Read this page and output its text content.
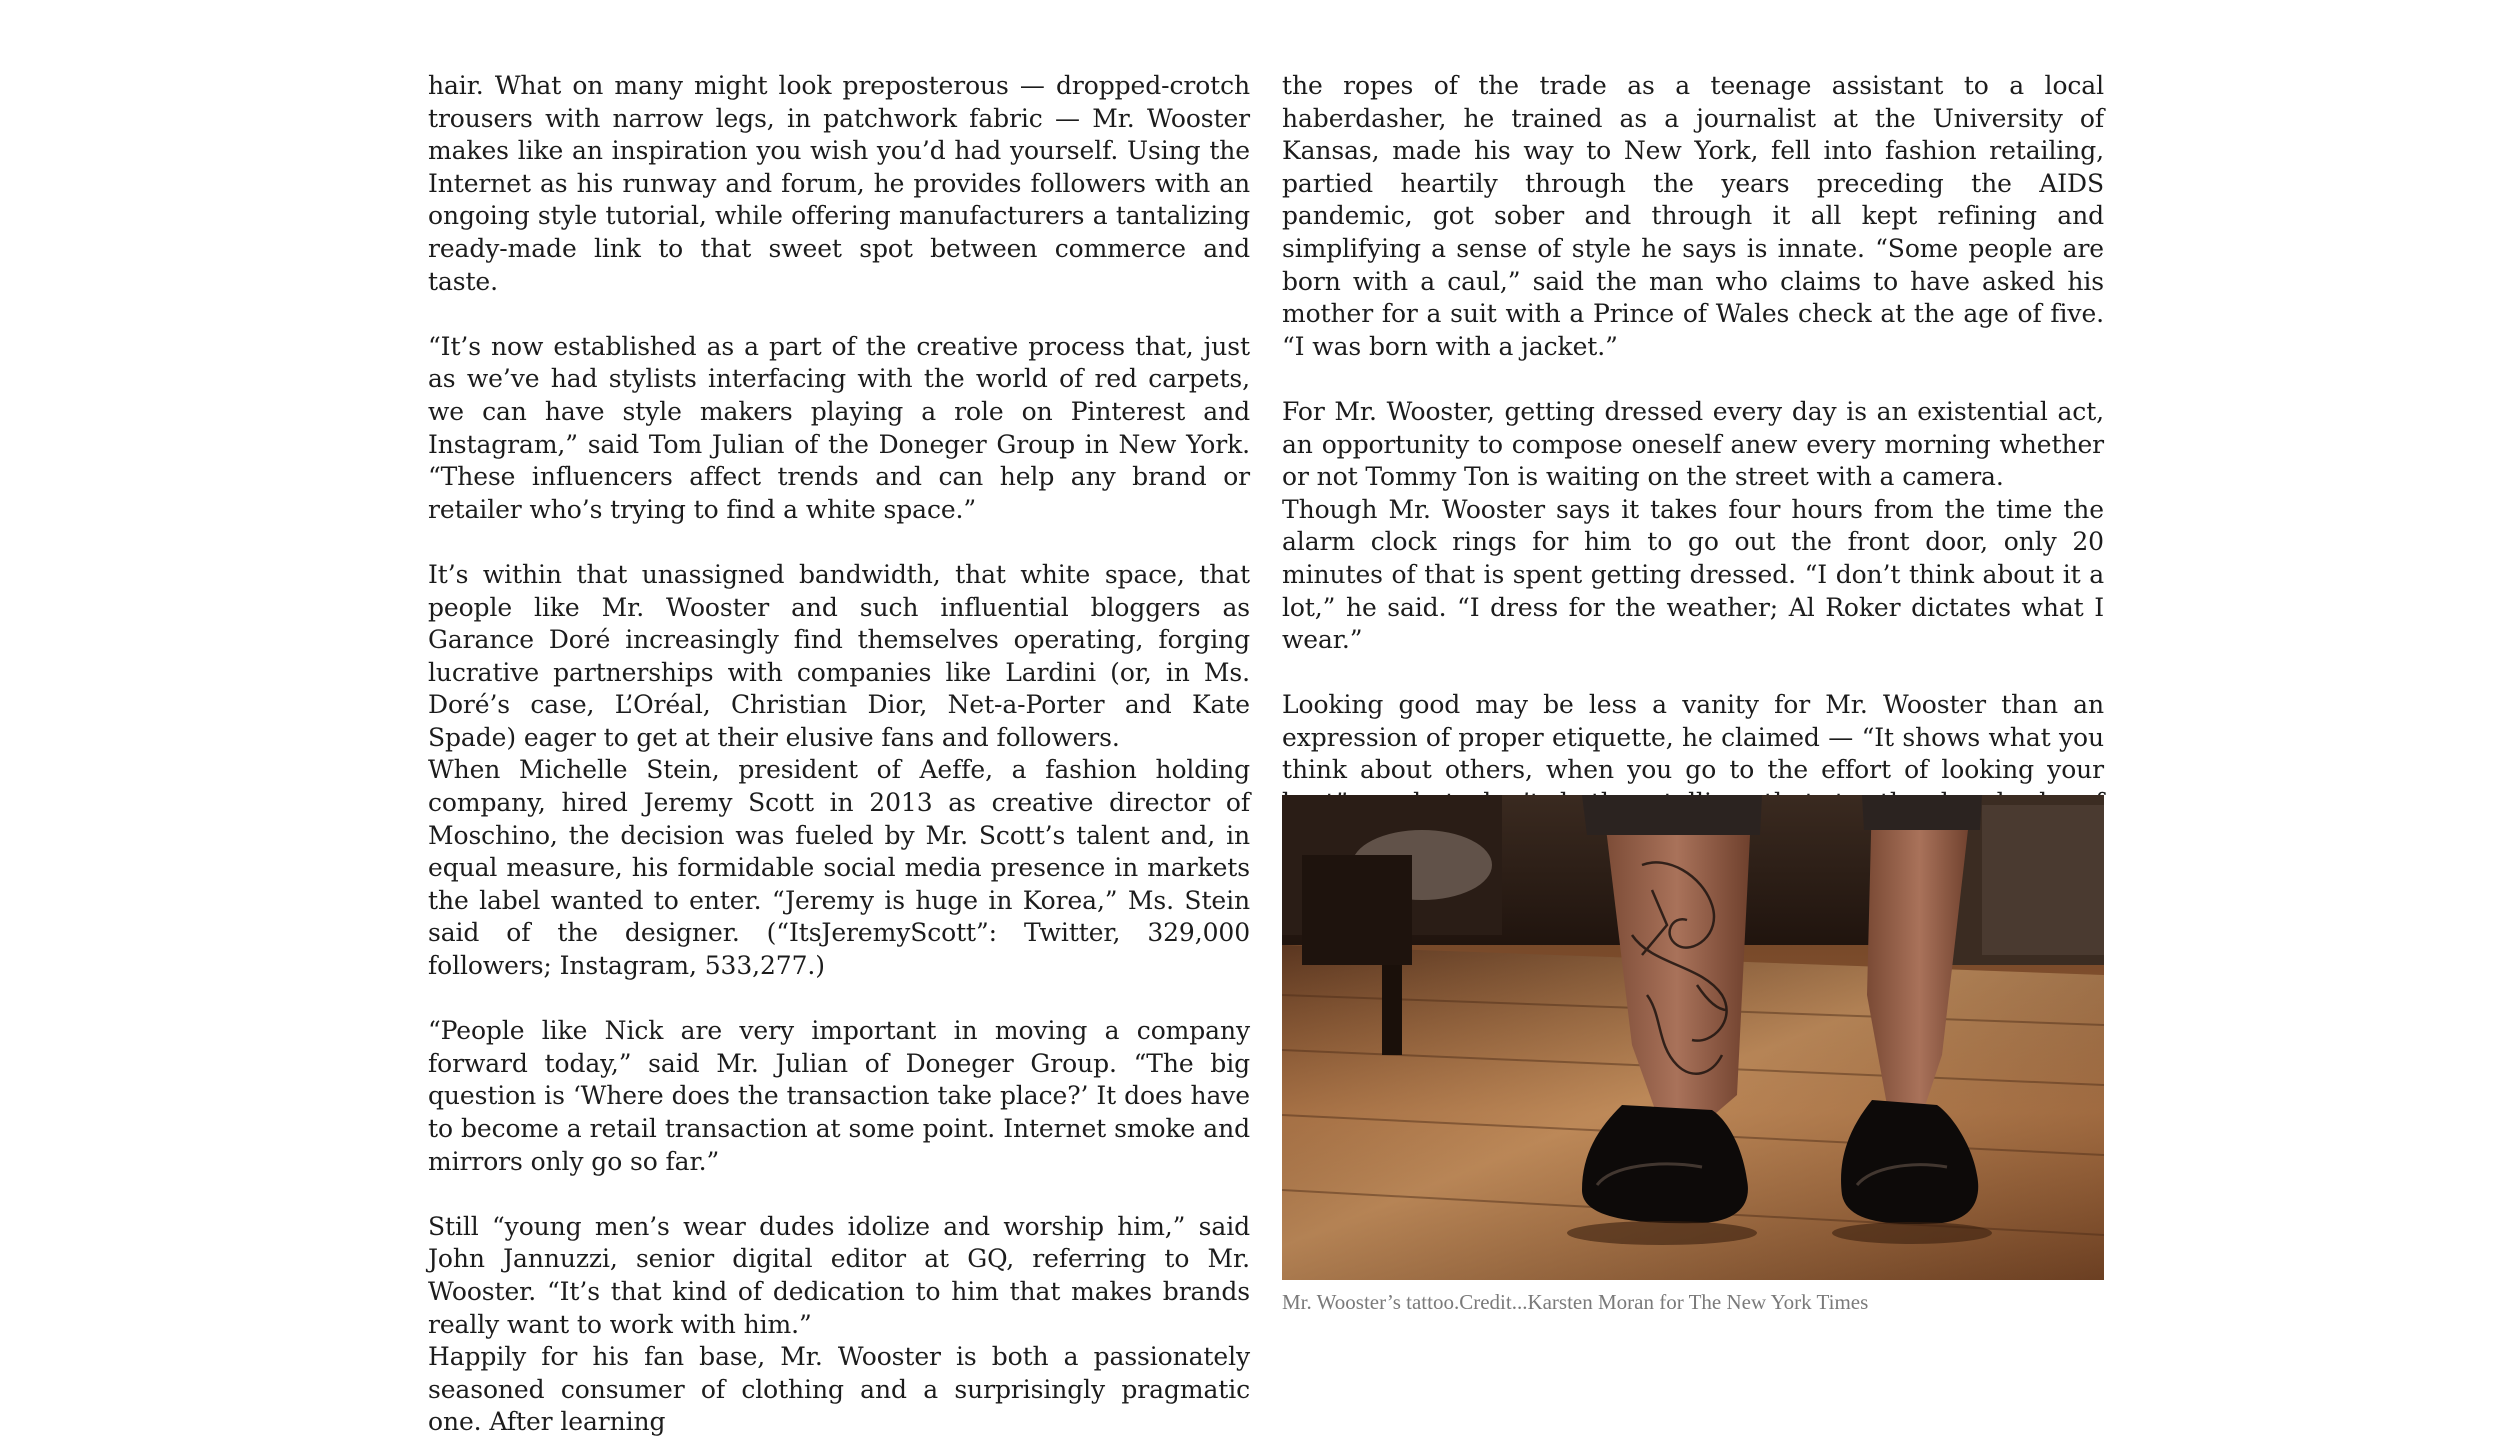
hair. What on many might look preposterous — dropped-crotch trousers with narrow legs, in patchwork fabric — Mr. Wooster makes like an inspiration you wish you’d had yourself. Using the Internet as his runway and forum, he provides followers with an ongoing style tutorial, while offering manufacturers a tantalizing ready-made link to that sweet spot between commerce and taste.

“It’s now established as a part of the creative process that, just as we’ve had stylists interfacing with the world of red carpets, we can have style makers playing a role on Pinterest and Instagram,” said Tom Julian of the Doneger Group in New York. “These influencers affect trends and can help any brand or retailer who’s trying to find a white space.”

It’s within that unassigned bandwidth, that white space, that people like Mr. Wooster and such influential bloggers as Garance Doré increasingly find themselves operating, forging lucrative partnerships with companies like Lardini (or, in Ms. Doré’s case, L’Oréal, Christian Dior, Net-a-Porter and Kate Spade) eager to get at their elusive fans and followers.

When Michelle Stein, president of Aeffe, a fashion holding company, hired Jeremy Scott in 2013 as creative director of Moschino, the decision was fueled by Mr. Scott’s talent and, in equal measure, his formidable social media presence in markets the label wanted to enter. “Jeremy is huge in Korea,” Ms. Stein said of the designer. (“ItsJeremyScott”: Twitter, 329,000 followers; Instagram, 533,277.)

“People like Nick are very important in moving a company forward today,” said Mr. Julian of Doneger Group. “The big question is ‘Where does the transaction take place?’ It does have to become a retail transaction at some point. Internet smoke and mirrors only go so far.”

Still “young men’s wear dudes idolize and worship him,” said John Jannuzzi, senior digital editor at GQ, referring to Mr. Wooster. “It’s that kind of dedication to him that makes brands really want to work with him.”

Happily for his fan base, Mr. Wooster is both a passionately seasoned consumer of clothing and a surprisingly pragmatic one. After learning

the ropes of the trade as a teenage assistant to a local haberdasher, he trained as a journalist at the University of Kansas, made his way to New York, fell into fashion retailing, partied heartily through the years preceding the AIDS pandemic, got sober and through it all kept refining and simplifying a sense of style he says is innate. “Some people are born with a caul,” said the man who claims to have asked his mother for a suit with a Prince of Wales check at the age of five. “I was born with a jacket.”

For Mr. Wooster, getting dressed every day is an existential act, an opportunity to compose oneself anew every morning whether or not Tommy Ton is waiting on the street with a camera.

Though Mr. Wooster says it takes four hours from the time the alarm clock rings for him to go out the front door, only 20 minutes of that is spent getting dressed. “I don’t think about it a lot,” he said. “I dress for the weather; Al Roker dictates what I wear.”

Looking good may be less a vanity for Mr. Wooster than an expression of proper etiquette, he claimed — “It shows what you think about others, when you go to the effort of looking your

Mr. Wooster’s tattoo.Credit...Karsten Moran for The New York Times
